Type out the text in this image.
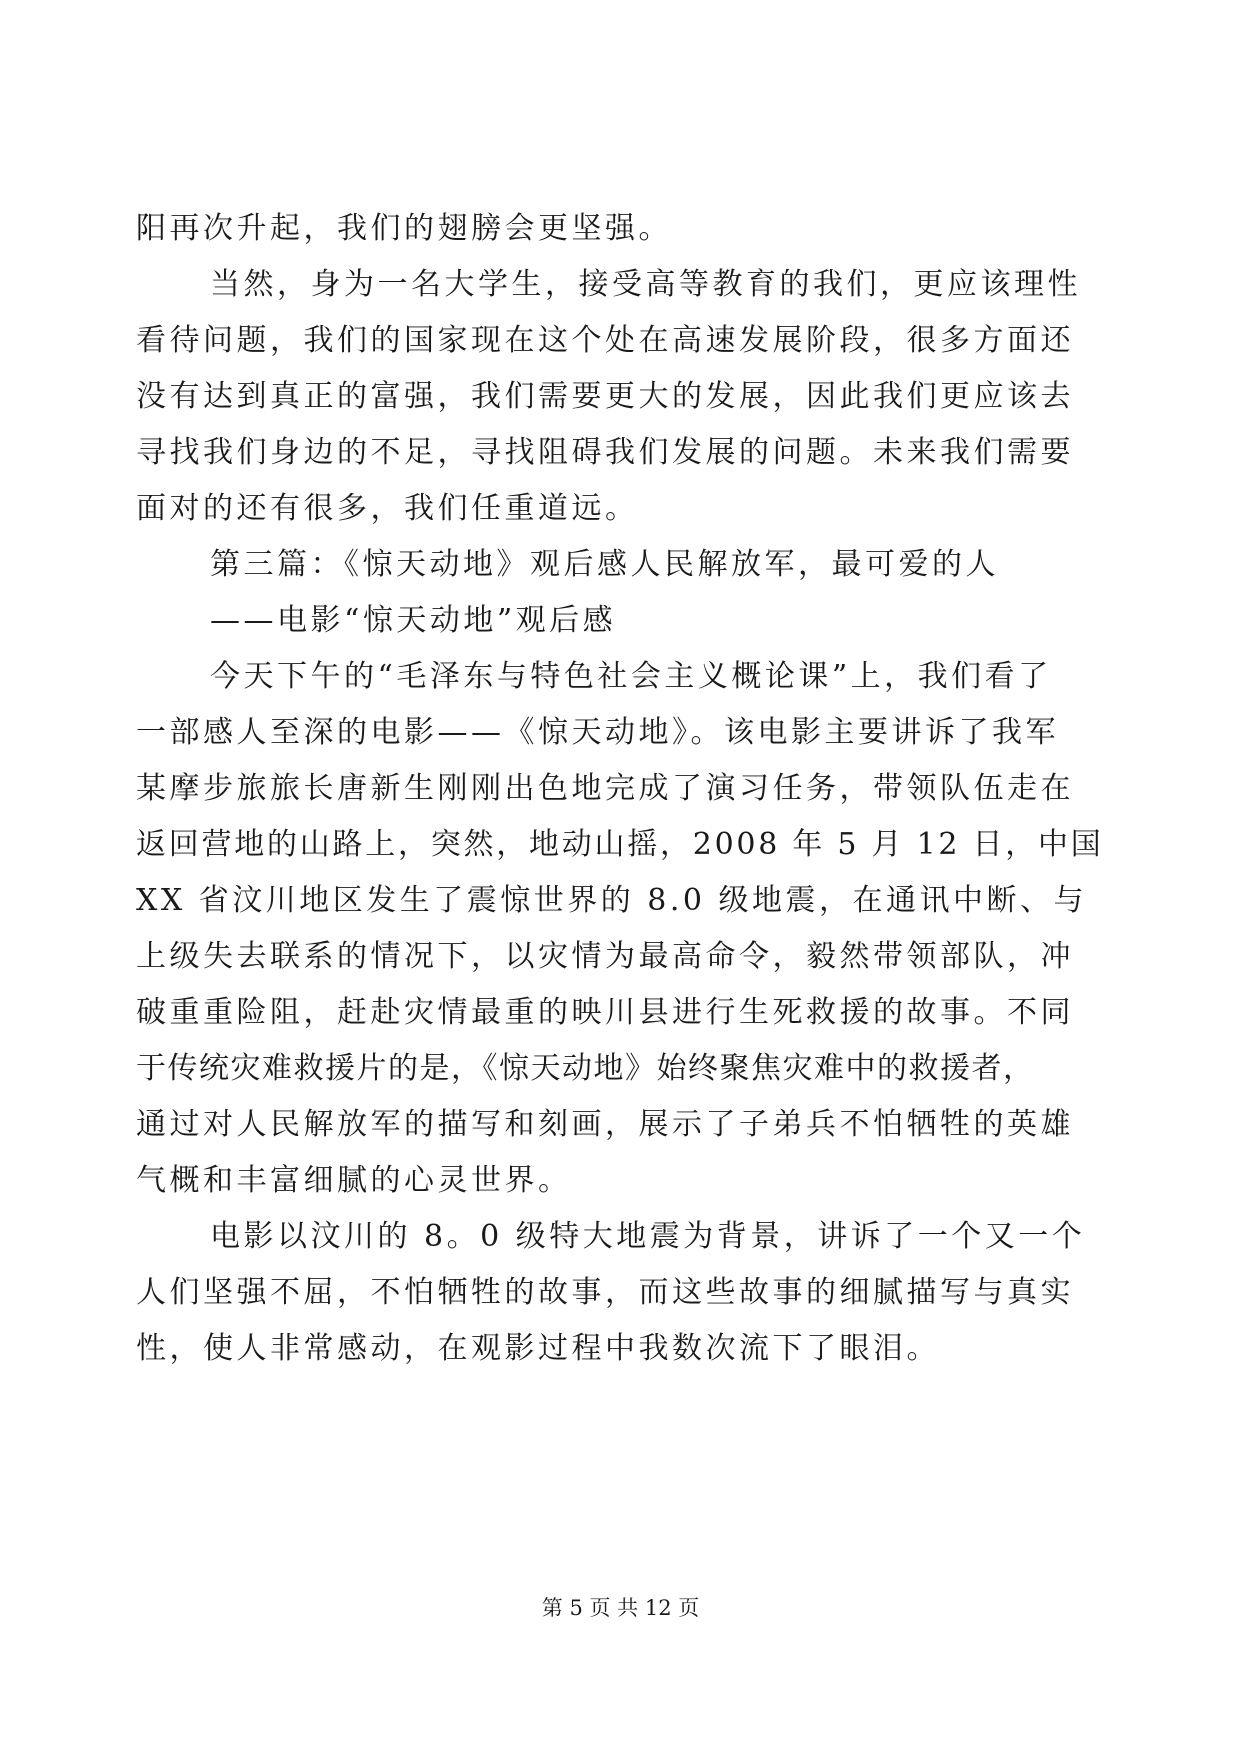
阳再次升起，我们的翅膀会更坚强。
当然，身为一名大学生，接受高等教育的我们，更应该理性
看待问题，我们的国家现在这个处在高速发展阶段，很多方面还
没有达到真正的富强，我们需要更大的发展，因此我们更应该去
寻找我们身边的不足，寻找阻碍我们发展的问题。未来我们需要
面对的还有很多，我们任重道远。
第三篇：《惊天动地》观后感人民解放军，最可爱的人
——电影“惊天动地”观后感
今天下午的“毛泽东与特色社会主义概论课”上，我们看了
一部感人至深的电影——《惊天动地》。该电影主要讲诉了我军
某摩步旅旅长唐新生刚刚出色地完成了演习任务，带领队伍走在
返回营地的山路上，突然，地动山摇，2008 年 5 月 12 日，中国
XX 省汶川地区发生了震惊世界的 8.0 级地震，在通讯中断、与
上级失去联系的情况下，以灾情为最高命令，毅然带领部队，冲
破重重险阻，赶赴灾情最重的映川县进行生死救援的故事。不同
于传统灾难救援片的是，《惊天动地》始终聚焦灾难中的救援者，
通过对人民解放军的描写和刻画，展示了子弟兵不怕牺牲的英雄
气概和丰富细腻的心灵世界。
电影以汶川的 8。0 级特大地震为背景，讲诉了一个又一个
人们坚强不屈，不怕牺牲的故事，而这些故事的细腻描写与真实
性，使人非常感动，在观影过程中我数次流下了眼泪。
第 5 页 共 12 页
